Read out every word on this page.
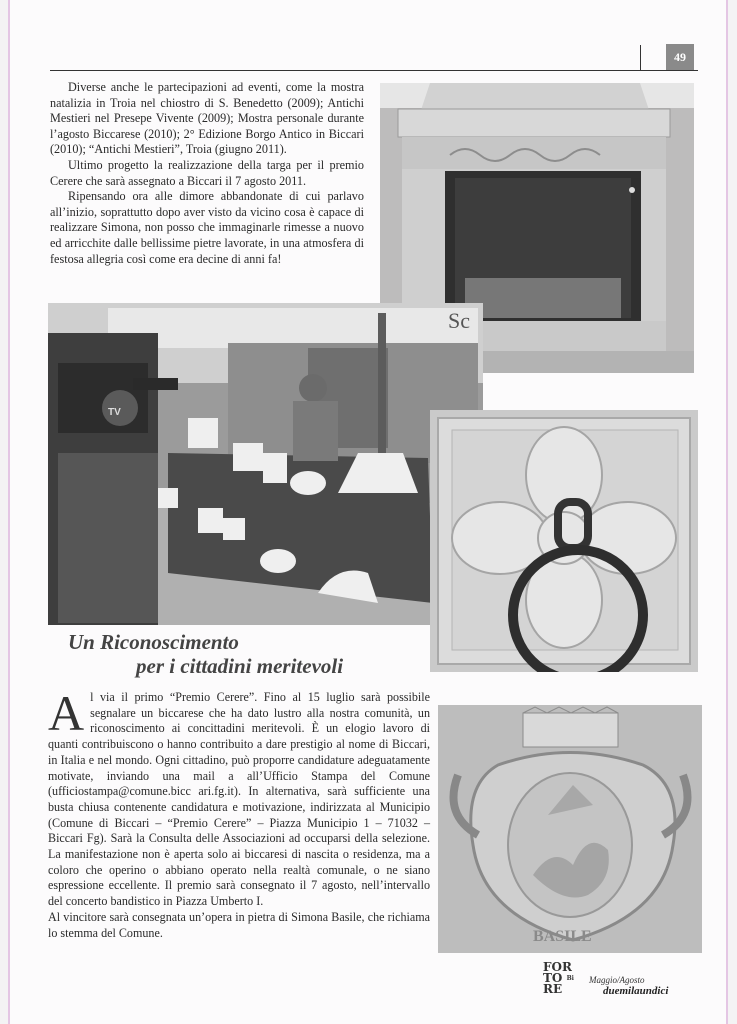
49

Diverse anche le partecipazioni ad eventi, come la mostra natalizia in Troia nel chiostro di S. Benedetto (2009); Antichi Mestieri nel Presepe Vivente (2009); Mostra personale durante l’agosto Biccarese (2010); 2° Edizione Borgo Antico in Biccari (2010); “Antichi Mestieri”, Troia (giugno 2011).

Ultimo progetto la realizzazione della targa per il premio Cerere che sarà assegnato a Biccari il 7 agosto 2011.

Ripensando ora alle dimore abbandonate di cui parlavo all’inizio, soprattutto dopo aver visto da vicino cosa è capace di realizzare Simona, non posso che immaginarle rimesse a nuovo ed arricchite dalle bellissime pietre lavorate, in una atmosfera di festosa allegria così come era decine di anni fa!

Sc
TV
BASILE
Un Riconoscimento
per i cittadini meritevoli
A l via il primo “Premio Cerere”. Fino al 15 luglio sarà possibile segnalare un biccarese che ha dato lustro alla nostra comunità, un riconoscimento ai concittadini meritevoli. È un elogio lavoro di quanti contribuiscono o hanno contribuito a dare prestigio al nome di Biccari, in Italia e nel mondo. Ogni cittadino, può proporre candidature adeguatamente motivate, inviando una mail a all’Ufficio Stampa del Comune (ufficiostampa@comune.bicc ari.fg.it). In alternativa, sarà sufficiente una busta chiusa contenente candidatura e motivazione, indirizzata al Municipio (Comune di Biccari – “Premio Cerere” – Piazza Municipio 1 – 71032 – Biccari Fg). Sarà la Consulta delle Associazioni ad occuparsi della selezione. La manifestazione non è aperta solo ai biccaresi di nascita o residenza, ma a coloro che operino o abbiano operato nella realtà comunale, o ne siano espressione eccellente. Il premio sarà consegnato il 7 agosto, nell’intervallo del concerto bandistico in Piazza Umberto I.

Al vincitore sarà consegnata un’opera in pietra di Simona Basile, che richiama lo stemma del Comune.

FOR
TO $^{Bi}$
RE
Maggio/Agosto
duemilaundici
